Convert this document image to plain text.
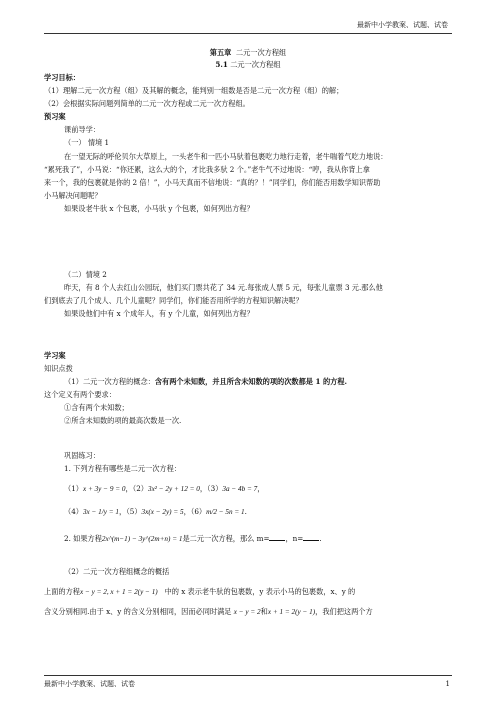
最新中小学教案、试题、试卷
第五章 二元一次方程组
5.1 二元一次方程组
学习目标：
（1）理解二元一次方程（组）及其解的概念，能判别一组数是否是二元一次方程（组）的解；
（2）会根据实际问题列简单的二元一次方程或二元一次方程组。
预习案
课前导学：
（一） 情境 1
在一望无际的呼伦贝尔大草原上，一头老牛和一匹小马驮着包裹吃力地行走着，老牛喘着气吃力地说：
“累死我了”，小马说：“你还累，这么大的个，才比我多驮 2 个。”老牛气不过地说：“哼，我从你背上拿
来一个，我的包裹就是你的 2 倍！”，小马天真而不信地说：“真的？！”同学们，你们能否用数学知识帮助
小马解决问题呢？
如果设老牛驮 x 个包裹，小马驮 y 个包裹，如何列出方程？
（二）情境 2
昨天，有 8 个人去红山公园玩，他们买门票共花了 34 元.每张成人票 5 元，每张儿童票 3 元.那么他
们到底去了几个成人、几个儿童呢？同学们，你们能否用所学的方程知识解决呢？
如果设他们中有 x 个成年人，有 y 个儿童，如何列出方程？
学习案
知识点拨
（1）二元一次方程的概念：含有两个未知数，并且所含未知数的项的次数都是 1 的方程.
这个定义有两个要求：
①含有两个未知数；
②所含未知数的项的最高次数是一次.
巩固练习：
1. 下列方程有哪些是二元一次方程：
（1）x + 3y − 9 = 0，（2）3x² − 2y + 12 = 0，（3）3a − 4b = 7，
（4）3x − 1/y = 1，（5）3x(x − 2y) = 5，（6）m/2 − 5n = 1.
2. 如果方程2x^(m−1) − 3y^(2m+n) = 1是二元一次方程，那么 m= ，n= .
（2）二元一次方程组概念的概括
上面的方程x − y = 2, x + 1 = 2(y − 1) 中的 x 表示老牛驮的包裹数，y 表示小马的包裹数，x、y 的
含义分别相同.由于 x、y 的含义分别相同，因而必同时满足 x − y = 2和x + 1 = 2(y − 1)，我们把这两个方
最新中小学教案、试题、试卷	1
